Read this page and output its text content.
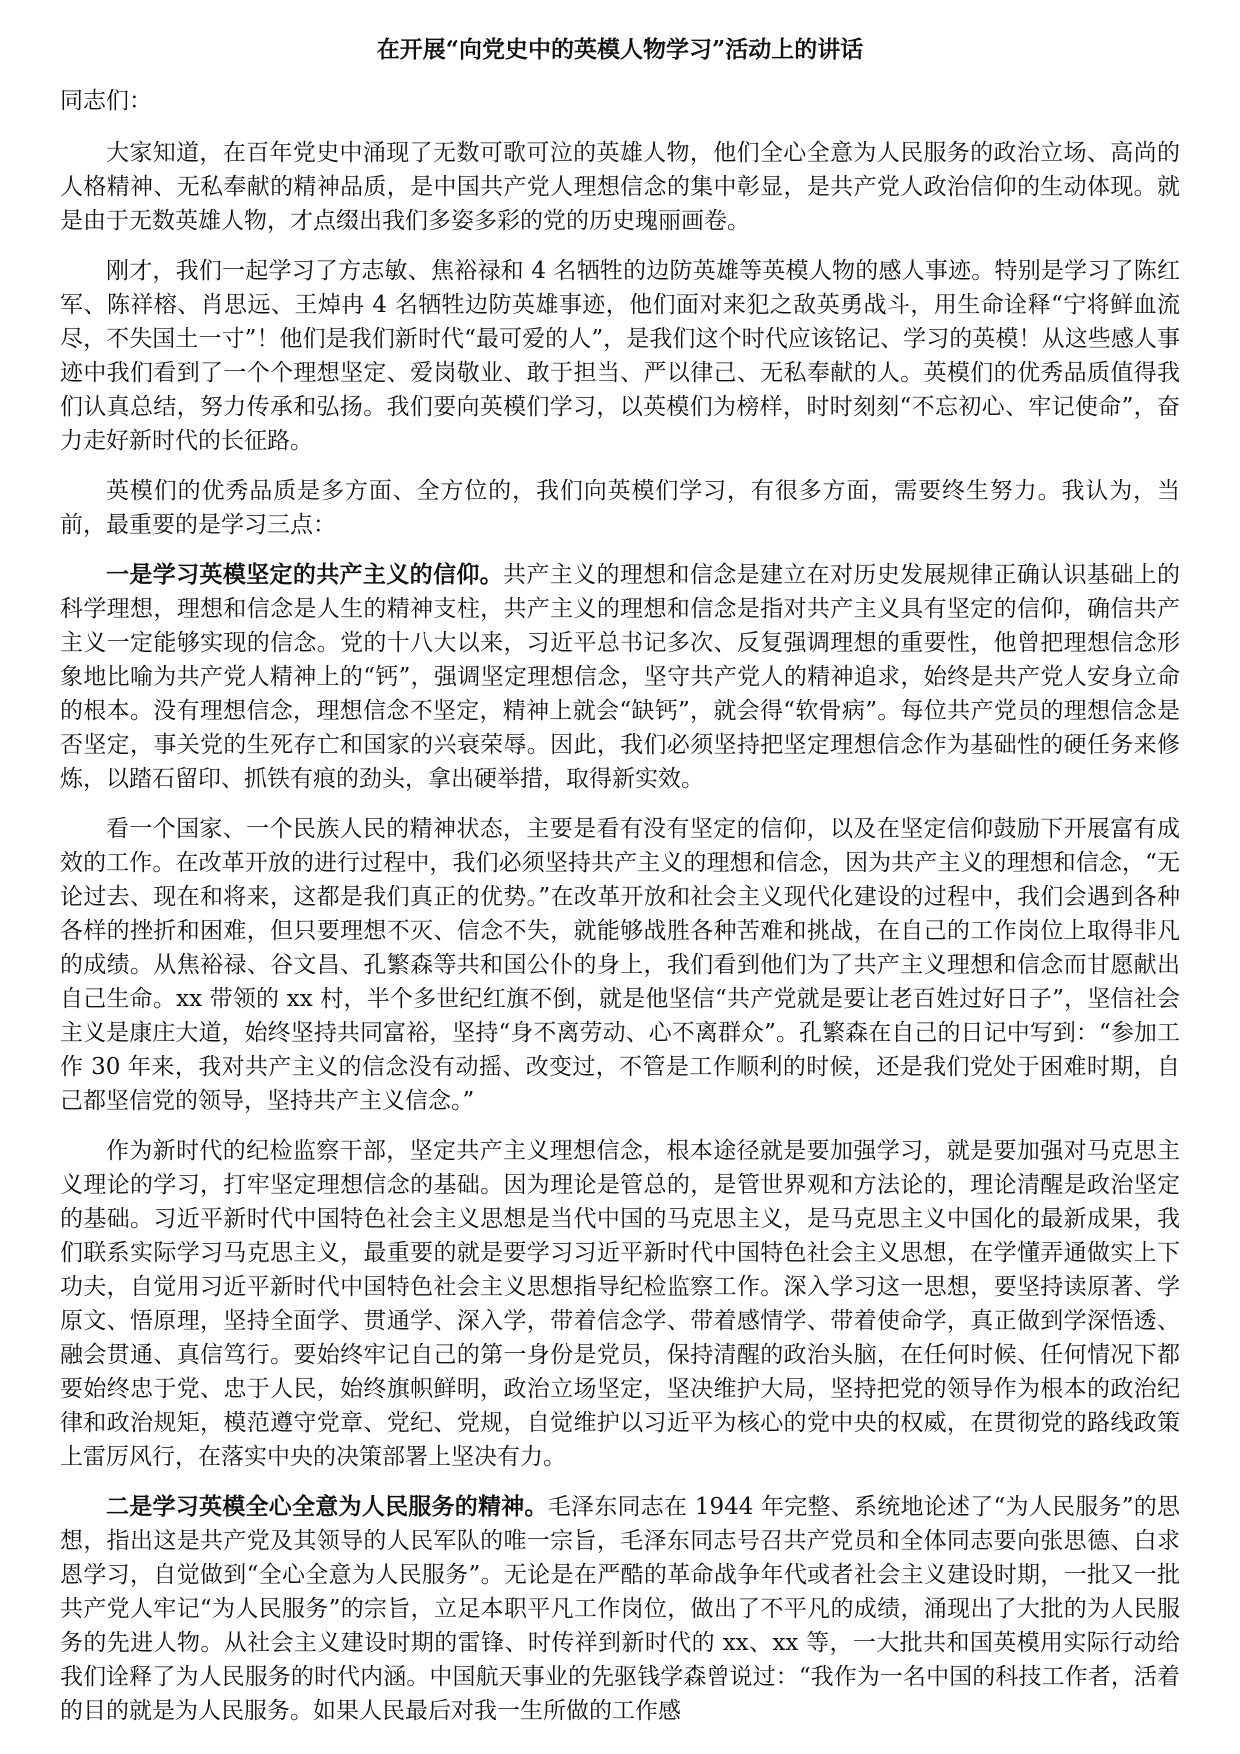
在开展“向党史中的英模人物学习”活动上的讲话
同志们：

大家知道，在百年党史中涌现了无数可歌可泣的英雄人物，他们全心全意为人民服务的政治立场、高尚的人格精神、无私奉献的精神品质，是中国共产党人理想信念的集中彰显，是共产党人政治信仰的生动体现。就是由于无数英雄人物，才点缀出我们多姿多彩的党的历史瑰丽画卷。

刚才，我们一起学习了方志敏、焦裕禄和 4 名牺牲的边防英雄等英模人物的感人事迹。特别是学习了陈红军、陈祥榕、肖思远、王焯冉 4 名牺牲边防英雄事迹，他们面对来犯之敌英勇战斗，用生命诠释“宁将鲜血流尽，不失国土一寸”！他们是我们新时代“最可爱的人”，是我们这个时代应该铭记、学习的英模！从这些感人事迹中我们看到了一个个理想坚定、爱岗敬业、敢于担当、严以律己、无私奉献的人。英模们的优秀品质值得我们认真总结，努力传承和弘扬。我们要向英模们学习，以英模们为榜样，时时刻刻“不忘初心、牢记使命”，奋力走好新时代的长征路。

英模们的优秀品质是多方面、全方位的，我们向英模们学习，有很多方面，需要终生努力。我认为，当前，最重要的是学习三点：

一是学习英模坚定的共产主义的信仰。共产主义的理想和信念是建立在对历史发展规律正确认识基础上的科学理想，理想和信念是人生的精神支柱，共产主义的理想和信念是指对共产主义具有坚定的信仰，确信共产主义一定能够实现的信念。党的十八大以来，习近平总书记多次、反复强调理想的重要性，他曾把理想信念形象地比喻为共产党人精神上的“钙”，强调坚定理想信念，坚守共产党人的精神追求，始终是共产党人安身立命的根本。没有理想信念，理想信念不坚定，精神上就会“缺钙”，就会得“软骨病”。每位共产党员的理想信念是否坚定，事关党的生死存亡和国家的兴衰荣辱。因此，我们必须坚持把坚定理想信念作为基础性的硬任务来修炼，以踏石留印、抓铁有痕的劲头，拿出硬举措，取得新实效。

看一个国家、一个民族人民的精神状态，主要是看有没有坚定的信仰，以及在坚定信仰鼓励下开展富有成效的工作。在改革开放的进行过程中，我们必须坚持共产主义的理想和信念，因为共产主义的理想和信念，“无论过去、现在和将来，这都是我们真正的优势。”在改革开放和社会主义现代化建设的过程中，我们会遇到各种各样的挫折和困难，但只要理想不灭、信念不失，就能够战胜各种苦难和挑战，在自己的工作岗位上取得非凡的成绩。从焦裕禄、谷文昌、孔繁森等共和国公仆的身上，我们看到他们为了共产主义理想和信念而甘愿献出自己生命。xx 带领的 xx 村，半个多世纪红旗不倒，就是他坚信“共产党就是要让老百姓过好日子”，坚信社会主义是康庄大道，始终坚持共同富裕，坚持“身不离劳动、心不离群众”。孔繁森在自己的日记中写到：“参加工作 30 年来，我对共产主义的信念没有动摇、改变过，不管是工作顺利的时候，还是我们党处于困难时期，自己都坚信党的领导，坚持共产主义信念。”

作为新时代的纪检监察干部，坚定共产主义理想信念，根本途径就是要加强学习，就是要加强对马克思主义理论的学习，打牢坚定理想信念的基础。因为理论是管总的，是管世界观和方法论的，理论清醒是政治坚定的基础。习近平新时代中国特色社会主义思想是当代中国的马克思主义，是马克思主义中国化的最新成果，我们联系实际学习马克思主义，最重要的就是要学习习近平新时代中国特色社会主义思想，在学懂弄通做实上下功夫，自觉用习近平新时代中国特色社会主义思想指导纪检监察工作。深入学习这一思想，要坚持读原著、学原文、悟原理，坚持全面学、贯通学、深入学，带着信念学、带着感情学、带着使命学，真正做到学深悟透、融会贯通、真信笃行。要始终牢记自己的第一身份是党员，保持清醒的政治头脑，在任何时候、任何情况下都要始终忠于党、忠于人民，始终旗帜鲜明，政治立场坚定，坚决维护大局，坚持把党的领导作为根本的政治纪律和政治规矩，模范遵守党章、党纪、党规，自觉维护以习近平为核心的党中央的权威，在贯彻党的路线政策上雷厉风行，在落实中央的决策部署上坚决有力。

二是学习英模全心全意为人民服务的精神。毛泽东同志在 1944 年完整、系统地论述了“为人民服务”的思想，指出这是共产党及其领导的人民军队的唯一宗旨，毛泽东同志号召共产党员和全体同志要向张思德、白求恩学习，自觉做到“全心全意为人民服务”。无论是在严酷的革命战争年代或者社会主义建设时期，一批又一批共产党人牢记“为人民服务”的宗旨，立足本职平凡工作岗位，做出了不平凡的成绩，涌现出了大批的为人民服务的先进人物。从社会主义建设时期的雷锋、时传祥到新时代的 xx、xx 等，一大批共和国英模用实际行动给我们诠释了为人民服务的时代内涵。中国航天事业的先驱钱学森曾说过：“我作为一名中国的科技工作者，活着的目的就是为人民服务。如果人民最后对我一生所做的工作感
